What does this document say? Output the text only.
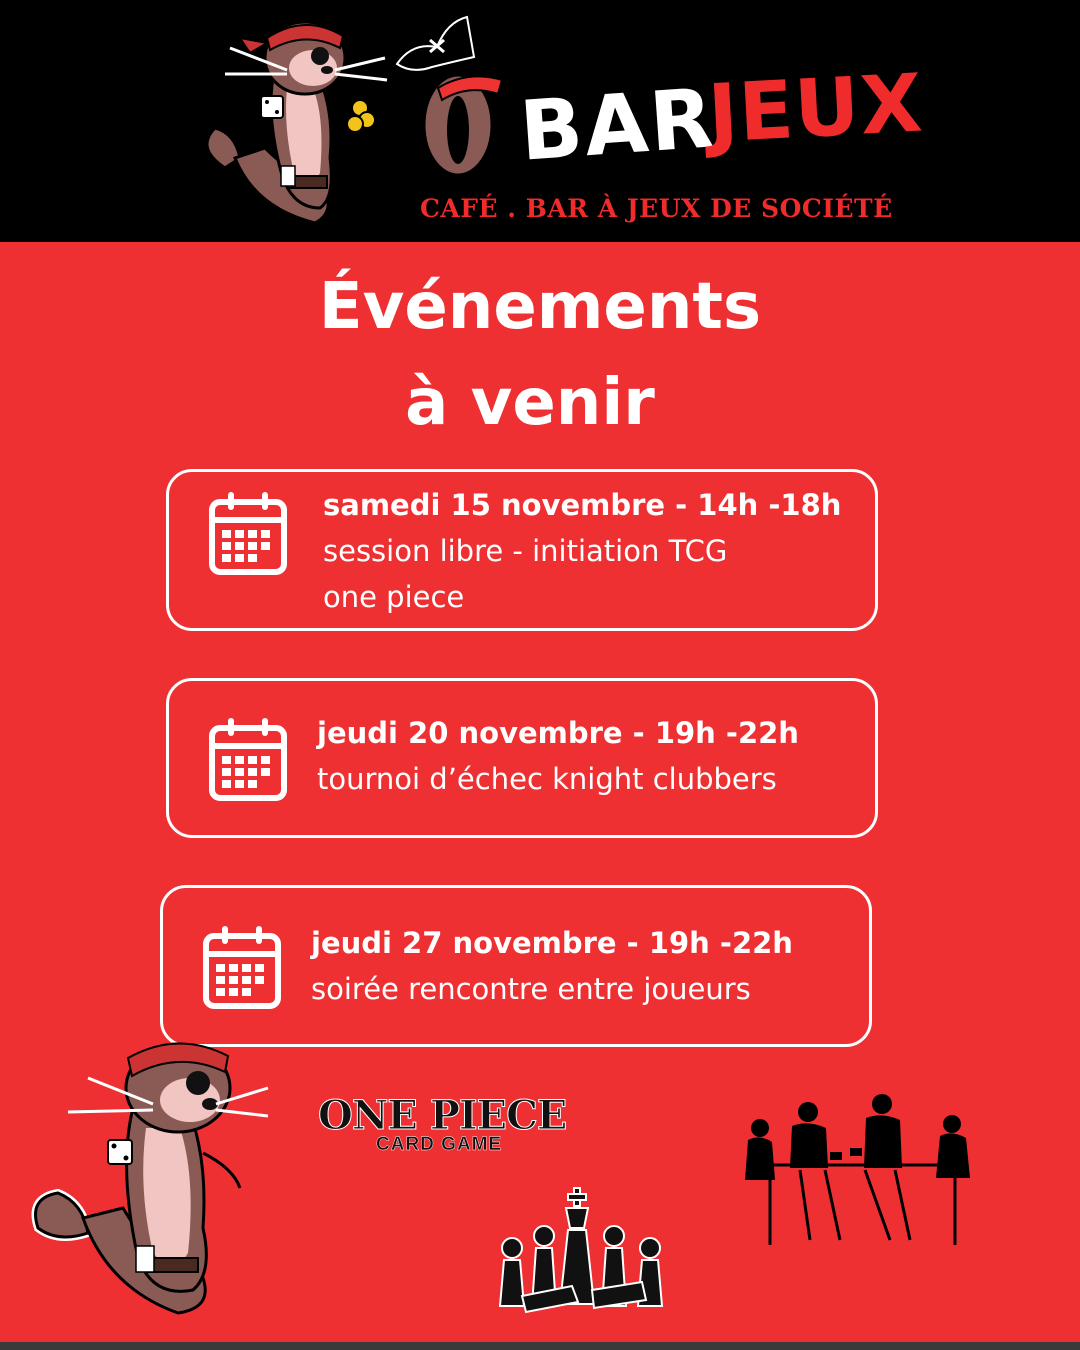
O
BAR
JEUX
CAFÉ . BAR À JEUX DE SOCIÉTÉ
Événements
à venir
samedi 15 novembre - 14h -18h
session libre - initiation TCG
one piece
jeudi 20 novembre - 19h -22h
tournoi d’échec knight clubbers
jeudi 27 novembre - 19h -22h
soirée rencontre entre joueurs
ONE PIECE
CARD GAME
